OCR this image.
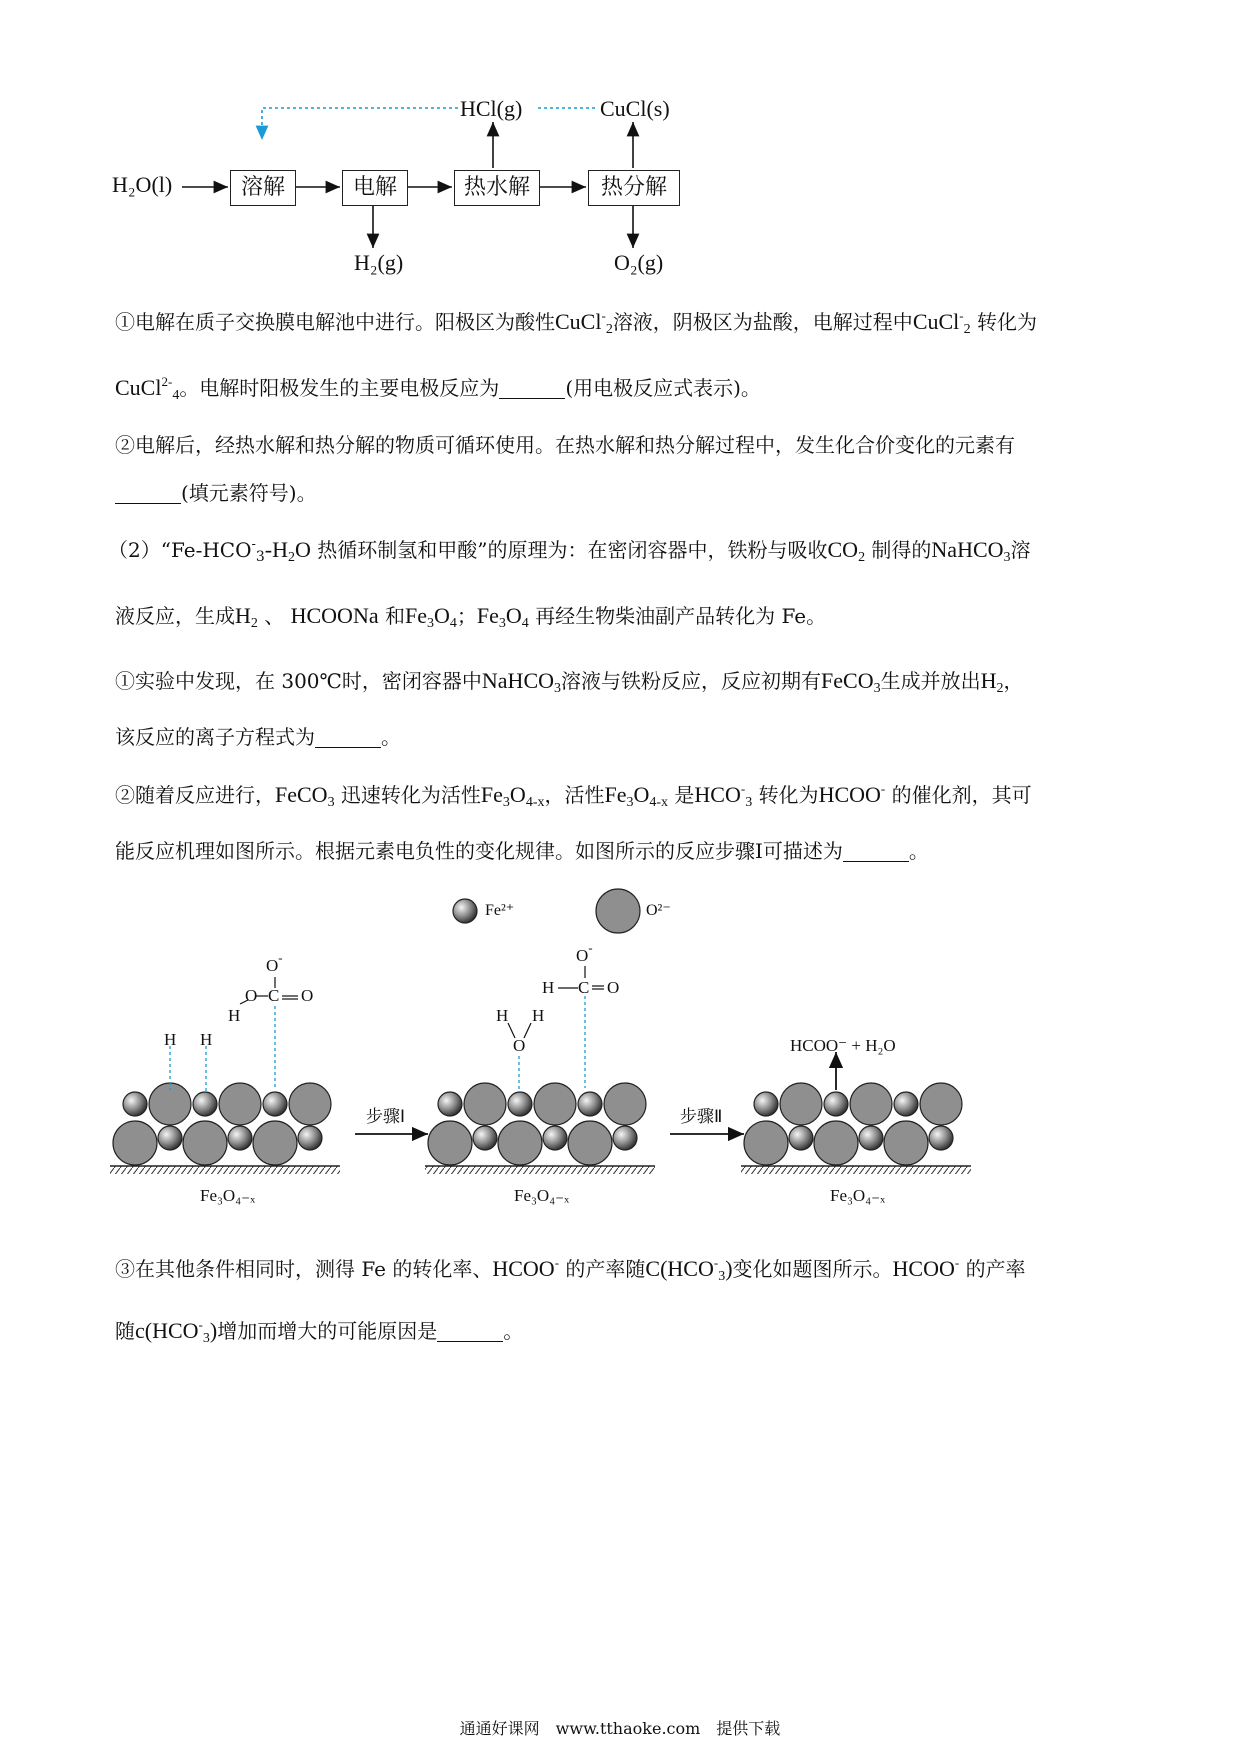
H₂O(l)	溶解	电解	热水解	热分解
HCl(g)	CuCl(s)
H₂(g)	O₂(g)
①电解在质子交换膜电解池中进行。阳极区为酸性CuCl-$_2$溶液，阴极区为盐酸，电解过程中CuCl-$_2$ 转化为
CuCl$^{2-}_4$。电解时阳极发生的主要电极反应为	(用电极反应式表示)。
②电解后，经热水解和热分解的物质可循环使用。在热水解和热分解过程中，发生化合价变化的元素有
(填元素符号)。
$(2)“Fe-HCO^-_3-H_2O$ 热循环制氢和甲酸”的原理为：在密闭容器中，铁粉与吸收$CO_2$ 制得的NaHCO$_3$溶
液反应，生成$H_2$ 、 HCOONa 和$Fe_3O_4$；$Fe_3O_4$ 再经生物柴油副产品转化为 Fe。
①实验中发现，在 300℃时，密闭容器中NaHCO$_3$溶液与铁粉反应，反应初期有FeCO$_3$生成并放出$H_2$，
该反应的离子方程式为	。
②随着反应进行，FeCO$_3$ 迅速转化为活性$Fe_3O_{4-x}$，活性$Fe_3O_{4-x}$ 是$HCO^-_3$ 转化为HCOO- 的催化剂，其可
能反应机理如图所示。根据元素电负性的变化规律。如图所示的反应步骤Ⅰ可描述为	。
Fe²⁺	O²⁻
H H
H
O
O-
C O
H H
O
H
O-
C O
步骤Ⅰ	步骤Ⅱ
HCOO⁻ + H₂O
Fe₃O₄₋ₓ	Fe₃O₄₋ₓ	Fe₃O₄₋ₓ
③在其他条件相同时，测得 Fe 的转化率、HCOO- 的产率随$C(HCO^-_3)$变化如题图所示。HCOO- 的产率
随$c(HCO^-_3)$增加而增大的可能原因是	。
通通好课网　www.tthaoke.com　提供下载
